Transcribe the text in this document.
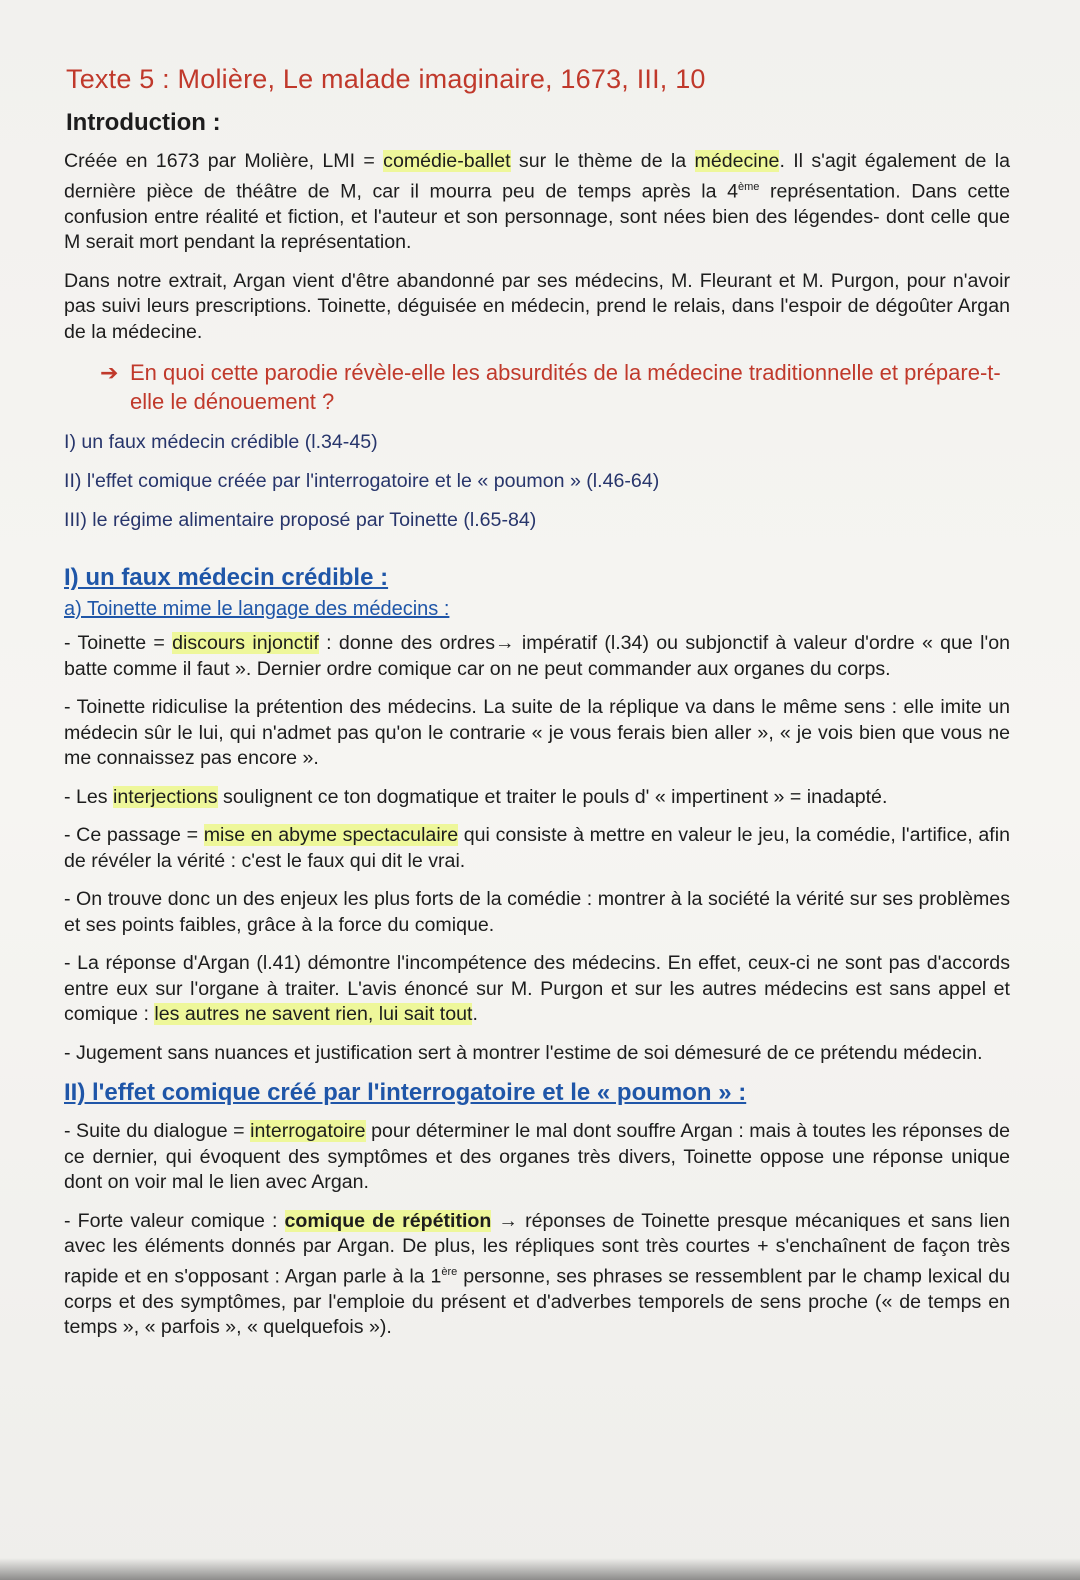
Texte 5 : Molière, Le malade imaginaire, 1673, III, 10
Introduction :

Créée en 1673 par Molière, LMI = comédie-ballet sur le thème de la médecine. Il s'agit également de la dernière pièce de théâtre de M, car il mourra peu de temps après la 4ème représentation. Dans cette confusion entre réalité et fiction, et l'auteur et son personnage, sont nées bien des légendes- dont celle que M serait mort pendant la représentation.

Dans notre extrait, Argan vient d'être abandonné par ses médecins, M. Fleurant et M. Purgon, pour n'avoir pas suivi leurs prescriptions. Toinette, déguisée en médecin, prend le relais, dans l'espoir de dégoûter Argan de la médecine.

➔ En quoi cette parodie révèle-elle les absurdités de la médecine traditionnelle et prépare-t-elle le dénouement ?
I) un faux médecin crédible (l.34-45)
II) l'effet comique créée par l'interrogatoire et le « poumon » (l.46-64)
III) le régime alimentaire proposé par Toinette (l.65-84)
I) un faux médecin crédible :
a) Toinette mime le langage des médecins :

- Toinette = discours injonctif : donne des ordres→ impératif (l.34) ou subjonctif à valeur d'ordre « que l'on batte comme il faut ». Dernier ordre comique car on ne peut commander aux organes du corps.

- Toinette ridiculise la prétention des médecins. La suite de la réplique va dans le même sens : elle imite un médecin sûr le lui, qui n'admet pas qu'on le contrarie « je vous ferais bien aller », « je vois bien que vous ne me connaissez pas encore ».

- Les interjections soulignent ce ton dogmatique et traiter le pouls d' « impertinent » = inadapté.

- Ce passage = mise en abyme spectaculaire qui consiste à mettre en valeur le jeu, la comédie, l'artifice, afin de révéler la vérité : c'est le faux qui dit le vrai.

- On trouve donc un des enjeux les plus forts de la comédie : montrer à la société la vérité sur ses problèmes et ses points faibles, grâce à la force du comique.

- La réponse d'Argan (l.41) démontre l'incompétence des médecins. En effet, ceux-ci ne sont pas d'accords entre eux sur l'organe à traiter. L'avis énoncé sur M. Purgon et sur les autres médecins est sans appel et comique : les autres ne savent rien, lui sait tout.

- Jugement sans nuances et justification sert à montrer l'estime de soi démesuré de ce prétendu médecin.

II) l'effet comique créé par l'interrogatoire et le « poumon » :

- Suite du dialogue = interrogatoire pour déterminer le mal dont souffre Argan : mais à toutes les réponses de ce dernier, qui évoquent des symptômes et des organes très divers, Toinette oppose une réponse unique dont on voir mal le lien avec Argan.

- Forte valeur comique : comique de répétition → réponses de Toinette presque mécaniques et sans lien avec les éléments donnés par Argan. De plus, les répliques sont très courtes + s'enchaînent de façon très rapide et en s'opposant : Argan parle à la 1ère personne, ses phrases se ressemblent par le champ lexical du corps et des symptômes, par l'emploie du présent et d'adverbes temporels de sens proche (« de temps en temps », « parfois », « quelquefois »).
